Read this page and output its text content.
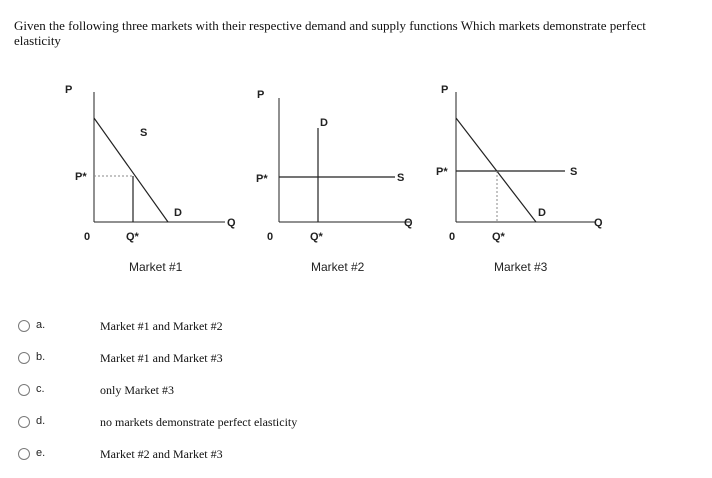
Given the following three markets with their respective demand and supply functions Which markets demonstrate perfect elasticity

P
S
D
P*
0	Q*
Q
Market #1
P
S
D
P*
0	Q*
Q
Market #2
P
S
D
P*
0	Q*
Q
Market #3
a.	Market #1 and Market #2
b.	Market #1 and Market #3
c.	only Market #3
d.	no markets demonstrate perfect elasticity
e.	Market #2 and Market #3
